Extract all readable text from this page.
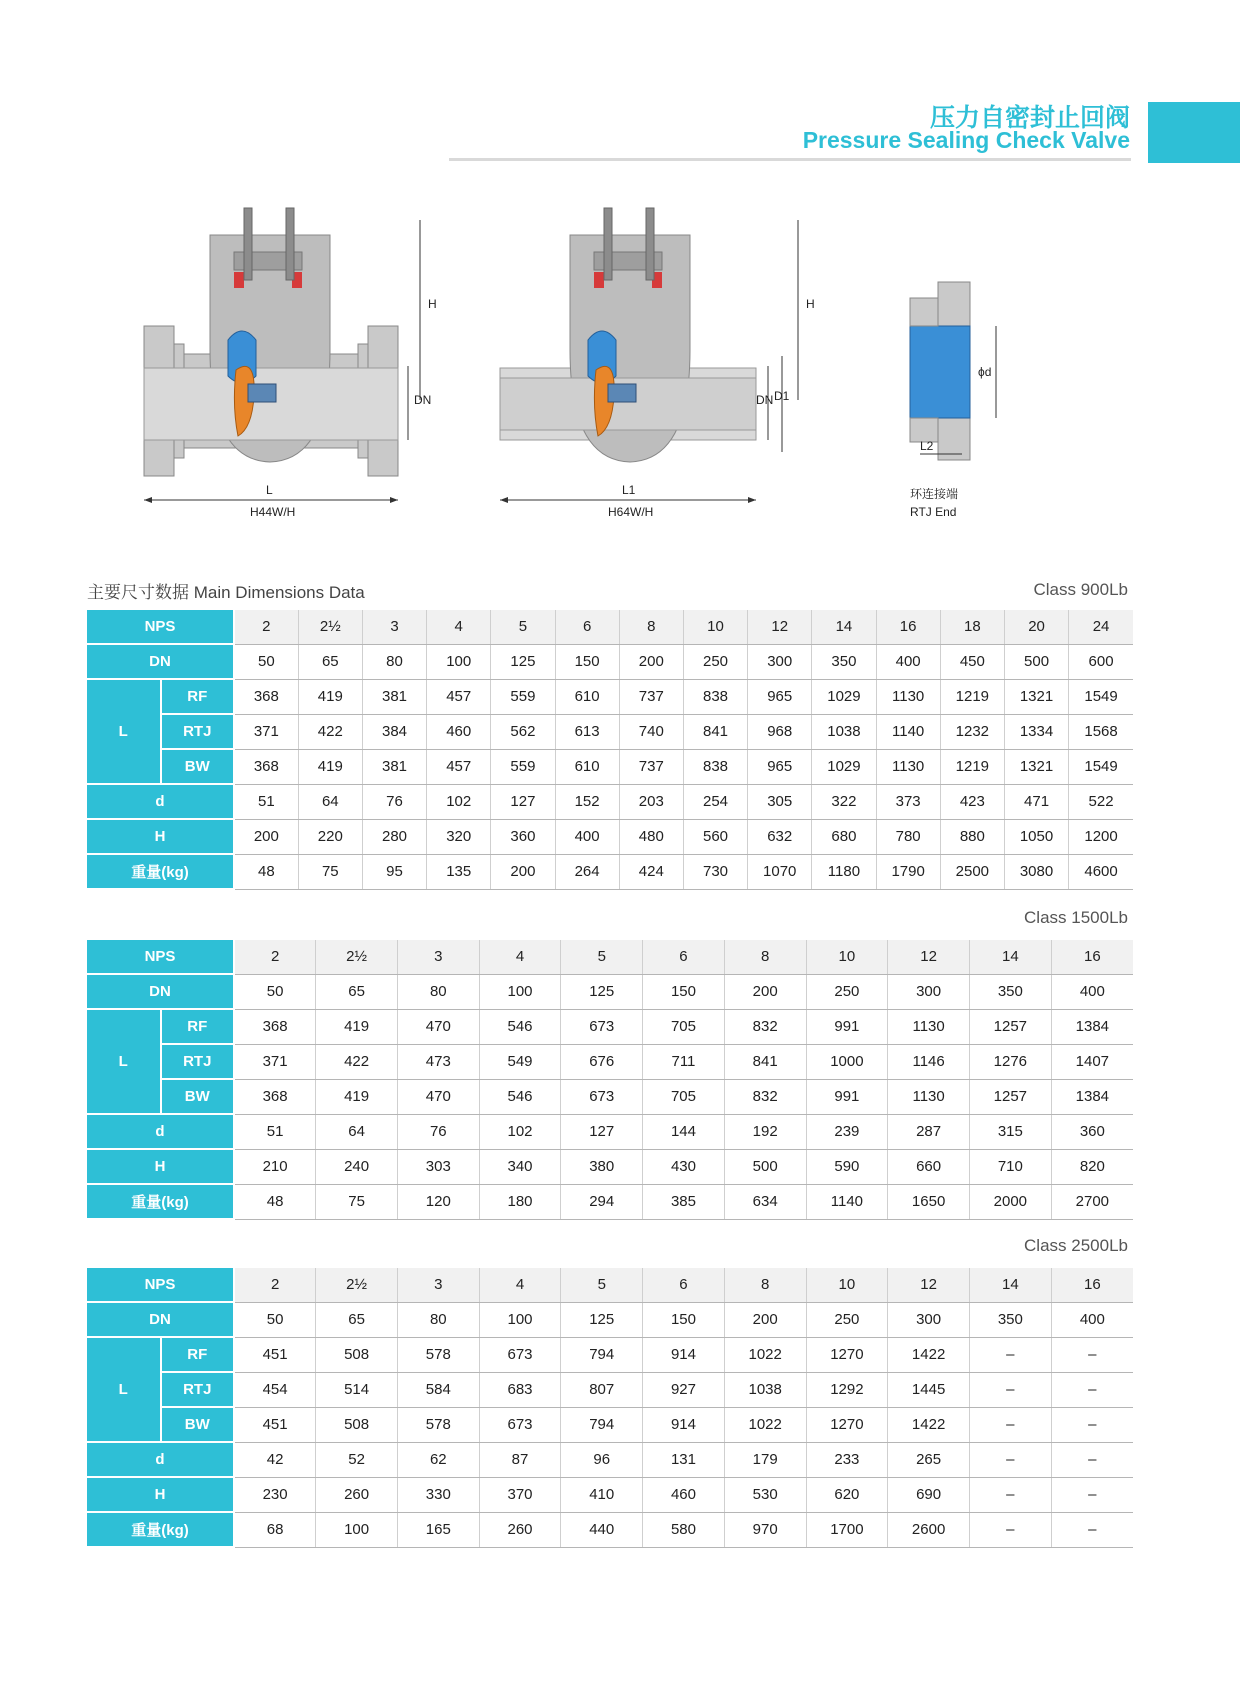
压力自密封止回阀
Pressure Sealing Check Valve
L
H
DN
H44W/H
L1
H
DN D1
H64W/H
ϕd
L2
环连接端
RTJ End
主要尺寸数据 Main Dimensions Data	Class 900Lb
NPS		2	2½	3	4	5	6	8	10	12	14	16	18	20	24
DN		50	65	80	100	125	150	200	250	300	350	400	450	500	600
L	RF	368	419	381	457	559	610	737	838	965	1029	1130	1219	1321	1549
	RTJ	371	422	384	460	562	613	740	841	968	1038	1140	1232	1334	1568
	BW	368	419	381	457	559	610	737	838	965	1029	1130	1219	1321	1549
d		51	64	76	102	127	152	203	254	305	322	373	423	471	522
H		200	220	280	320	360	400	480	560	632	680	780	880	1050	1200
重量(kg)		48	75	95	135	200	264	424	730	1070	1180	1790	2500	3080	4600
Class 1500Lb
NPS		2	2½	3	4	5	6	8	10	12	14	16
DN		50	65	80	100	125	150	200	250	300	350	400
L	RF	368	419	470	546	673	705	832	991	1130	1257	1384
	RTJ	371	422	473	549	676	711	841	1000	1146	1276	1407
	BW	368	419	470	546	673	705	832	991	1130	1257	1384
d		51	64	76	102	127	144	192	239	287	315	360
H		210	240	303	340	380	430	500	590	660	710	820
重量(kg)		48	75	120	180	294	385	634	1140	1650	2000	2700
Class 2500Lb
NPS		2	2½	3	4	5	6	8	10	12	14	16
DN		50	65	80	100	125	150	200	250	300	350	400
L	RF	451	508	578	673	794	914	1022	1270	1422	–	–
	RTJ	454	514	584	683	807	927	1038	1292	1445	–	–
	BW	451	508	578	673	794	914	1022	1270	1422	–	–
d		42	52	62	87	96	131	179	233	265	–	–
H		230	260	330	370	410	460	530	620	690	–	–
重量(kg)		68	100	165	260	440	580	970	1700	2600	–	–
